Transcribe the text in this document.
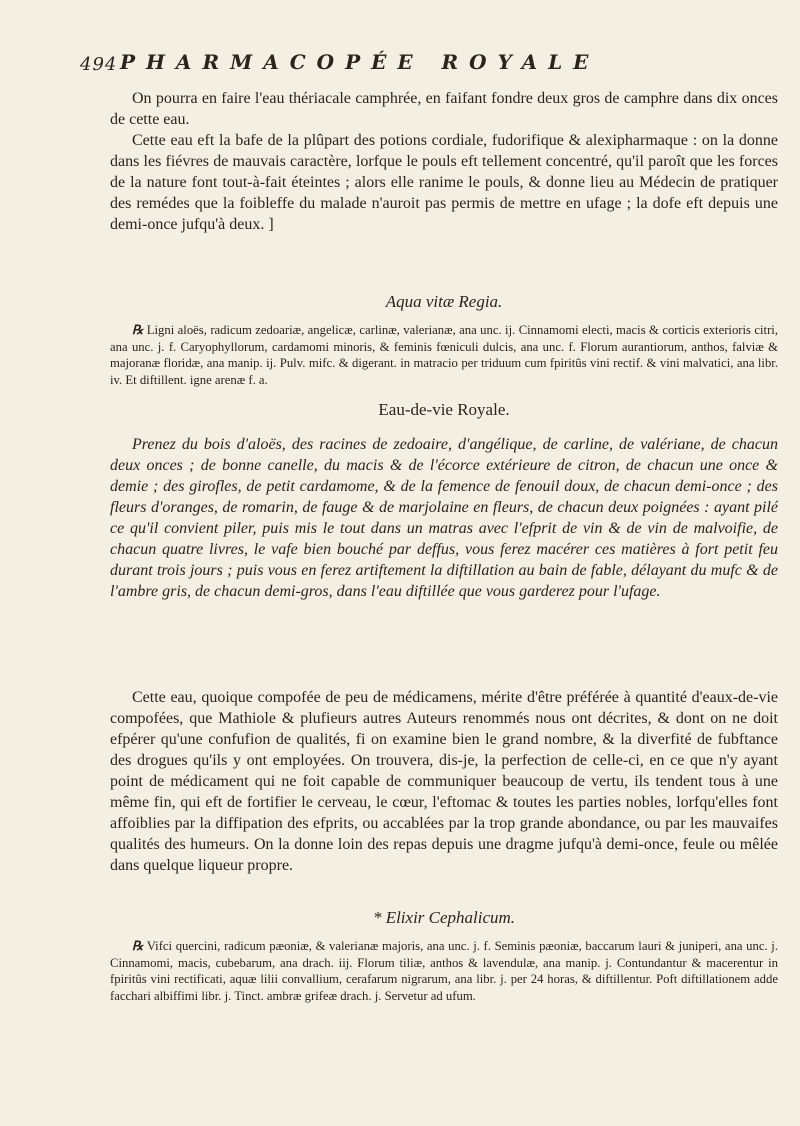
494 PHARMACOPÉE ROYALE

On pourra en faire l'eau thériacale camphrée, en faifant fondre deux gros de camphre dans dix onces de cette eau.

Cette eau eft la bafe de la plûpart des potions cordiale, fudorifique & alexipharmaque : on la donne dans les fiévres de mauvais caractère, lorfque le pouls eft tellement concentré, qu'il paroît que les forces de la nature font tout-à-fait éteintes ; alors elle ranime le pouls, & donne lieu au Médecin de pratiquer des remédes que la foibleffe du malade n'auroit pas permis de mettre en ufage ; la dofe eft depuis une demi-once jufqu'à deux. ]

Aqua vitæ Regia.

℞ Ligni aloës, radicum zedoariæ, angelicæ, carlinæ, valerianæ, ana unc. ij. Cinnamomi electi, macis & corticis exterioris citri, ana unc. j. f. Caryophyllorum, cardamomi minoris, & feminis fœniculi dulcis, ana unc. f. Florum aurantiorum, anthos, falviæ & majoranæ floridæ, ana manip. ij. Pulv. mifc. & digerant. in matracio per triduum cum fpiritûs vini rectif. & vini malvatici, ana libr. iv. Et diftillent. igne arenæ f. a.

Eau-de-vie Royale.

Prenez du bois d'aloës, des racines de zedoaire, d'angélique, de carline, de valériane, de chacun deux onces ; de bonne canelle, du macis & de l'écorce extérieure de citron, de chacun une once & demie ; des girofles, de petit cardamome, & de la femence de fenouil doux, de chacun demi-once ; des fleurs d'oranges, de romarin, de fauge & de marjolaine en fleurs, de chacun deux poignées : ayant pilé ce qu'il convient piler, puis mis le tout dans un matras avec l'efprit de vin & de vin de malvoifie, de chacun quatre livres, le vafe bien bouché par deffus, vous ferez macérer ces matières à fort petit feu durant trois jours ; puis vous en ferez artiftement la diftillation au bain de fable, délayant du mufc & de l'ambre gris, de chacun demi-gros, dans l'eau diftillée que vous garderez pour l'ufage.

Cette eau, quoique compofée de peu de médicamens, mérite d'être préférée à quantité d'eaux-de-vie compofées, que Mathiole & plufieurs autres Auteurs renommés nous ont décrites, & dont on ne doit efpérer qu'une confufion de qualités, fi on examine bien le grand nombre, & la diverfité de fubftance des drogues qu'ils y ont employées. On trouvera, dis-je, la perfection de celle-ci, en ce que n'y ayant point de médicament qui ne foit capable de communiquer beaucoup de vertu, ils tendent tous à une même fin, qui eft de fortifier le cerveau, le cœur, l'eftomac & toutes les parties nobles, lorfqu'elles font affoiblies par la diffipation des efprits, ou accablées par la trop grande abondance, ou par les mauvaifes qualités des humeurs. On la donne loin des repas depuis une dragme jufqu'à demi-once, feule ou mêlée dans quelque liqueur propre.

* Elixir Cephalicum.

℞ Vifci quercini, radicum pæoniæ, & valerianæ majoris, ana unc. j. f. Seminis pæoniæ, baccarum lauri & juniperi, ana unc. j. Cinnamomi, macis, cubebarum, ana drach. iij. Florum tiliæ, anthos & lavendulæ, ana manip. j. Contundantur & macerentur in fpiritûs vini rectificati, aquæ lilii convallium, cerafarum nigrarum, ana libr. j. per 24 horas, & diftillentur. Poft diftillationem adde facchari albiffimi libr. j. Tinct. ambræ grifeæ drach. j. Servetur ad ufum.
